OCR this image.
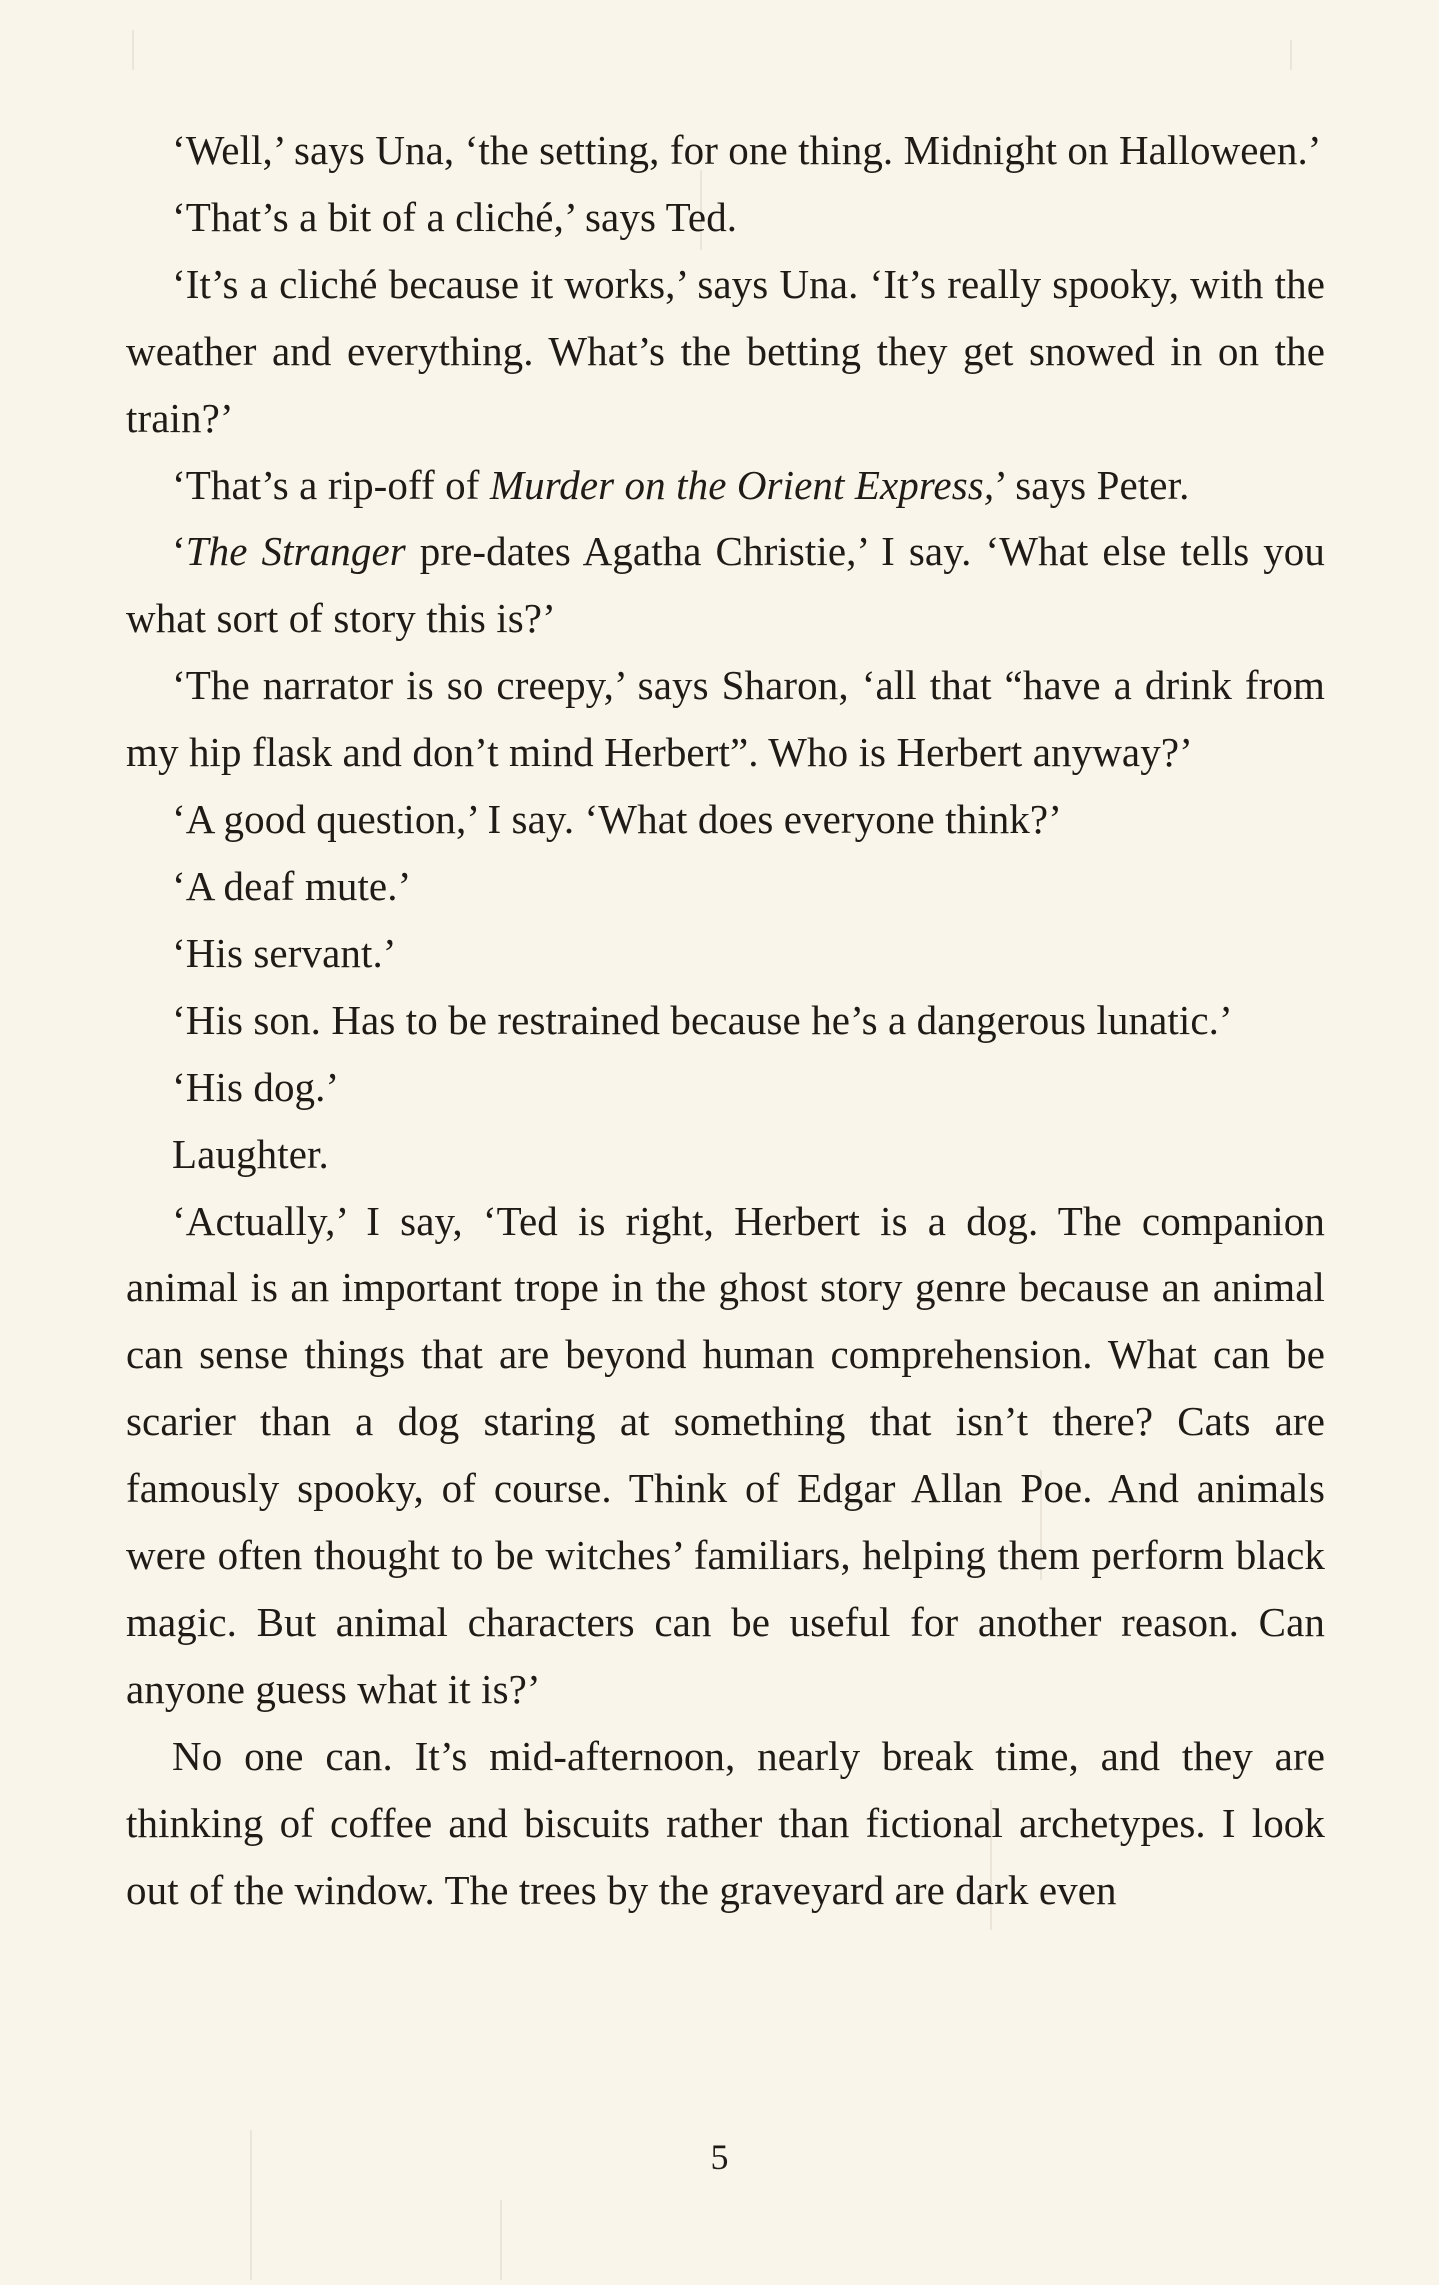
‘Well,’ says Una, ‘the setting, for one thing. Midnight on Halloween.’

‘That’s a bit of a cliché,’ says Ted.

‘It’s a cliché because it works,’ says Una. ‘It’s really spooky, with the weather and everything. What’s the betting they get snowed in on the train?’

‘That’s a rip-off of Murder on the Orient Express,’ says Peter.

‘The Stranger pre-dates Agatha Christie,’ I say. ‘What else tells you what sort of story this is?’

‘The narrator is so creepy,’ says Sharon, ‘all that “have a drink from my hip flask and don’t mind Herbert”. Who is Herbert anyway?’

‘A good question,’ I say. ‘What does everyone think?’

‘A deaf mute.’

‘His servant.’

‘His son. Has to be restrained because he’s a dangerous lunatic.’

‘His dog.’

Laughter.

‘Actually,’ I say, ‘Ted is right, Herbert is a dog. The companion animal is an important trope in the ghost story genre because an animal can sense things that are beyond human comprehension. What can be scarier than a dog staring at something that isn’t there? Cats are famously spooky, of course. Think of Edgar Allan Poe. And animals were often thought to be witches’ familiars, helping them perform black magic. But animal characters can be useful for another reason. Can anyone guess what it is?’

No one can. It’s mid-afternoon, nearly break time, and they are thinking of coffee and biscuits rather than fictional archetypes. I look out of the window. The trees by the graveyard are dark even

5
